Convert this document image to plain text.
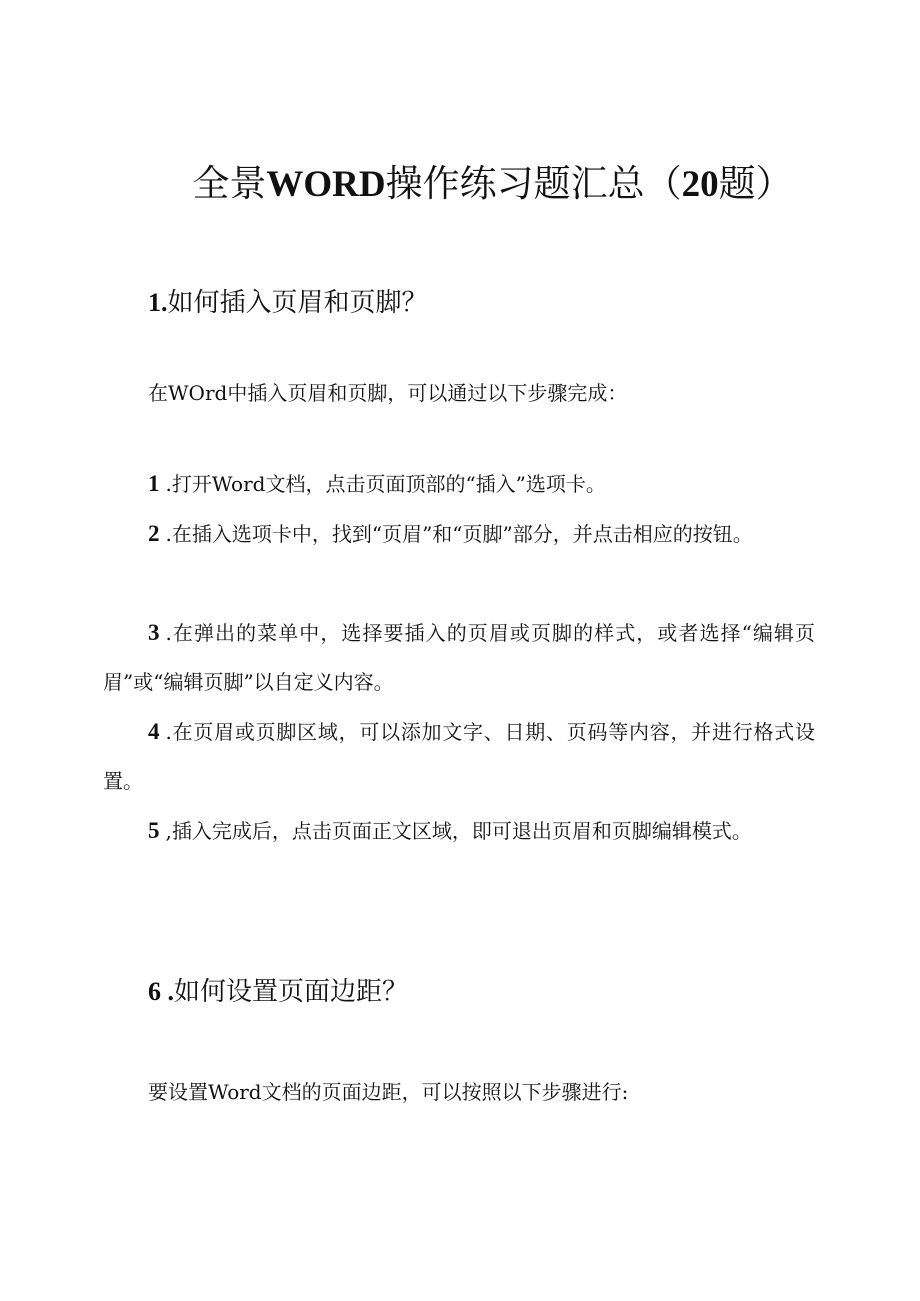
全景WORD操作练习题汇总（20题）
1.如何插入页眉和页脚？
在WOrd中插入页眉和页脚，可以通过以下步骤完成：
1 .打开Word文档，点击页面顶部的“插入”选项卡。
2 .在插入选项卡中，找到“页眉”和“页脚”部分，并点击相应的按钮。
3 .在弹出的菜单中，选择要插入的页眉或页脚的样式，或者选择“编辑页眉”或“编辑页脚”以自定义内容。
4 .在页眉或页脚区域，可以添加文字、日期、页码等内容，并进行格式设置。
5 ,插入完成后，点击页面正文区域，即可退出页眉和页脚编辑模式。
6 .如何设置页面边距？
要设置Word文档的页面边距，可以按照以下步骤进行:
